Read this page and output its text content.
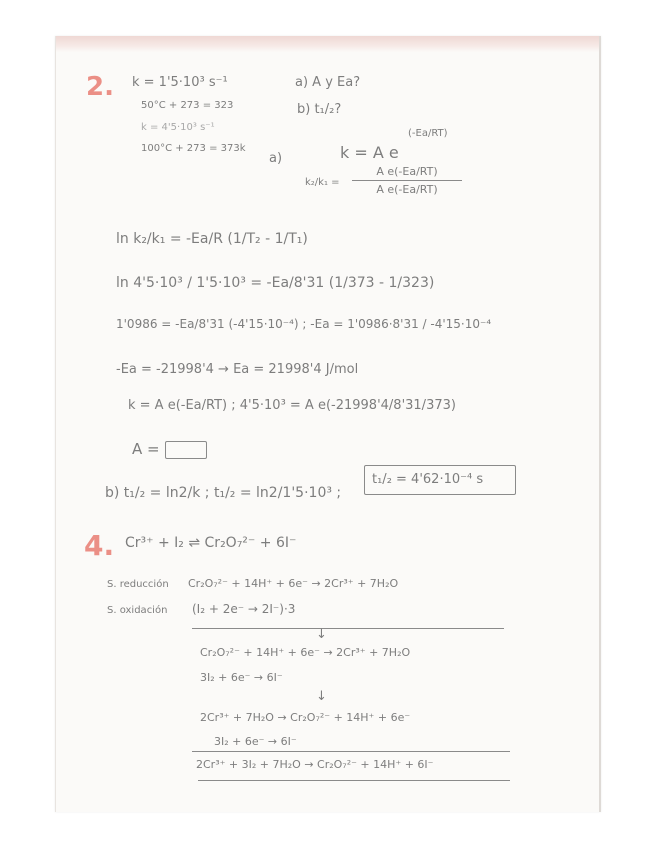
2. k = 1'5·10³ s⁻¹
50°C + 273 = 323
k = 4'5·10³ s⁻¹
100°C + 273 = 373k
a) A y Ea?
b) t₁/₂?
a)	k = A e
(-Ea/RT)
k₂/k₁ =
A e(-Ea/RT)
A e(-Ea/RT)
ln k₂/k₁ = -Ea/R (1/T₂ - 1/T₁)
ln 4'5·10³ / 1'5·10³ = -Ea/8'31 (1/373 - 1/323)
1'0986 = -Ea/8'31 (-4'15·10⁻⁴) ; -Ea = 1'0986·8'31 / -4'15·10⁻⁴
-Ea = -21998'4 → Ea = 21998'4 J/mol
k = A e(-Ea/RT) ; 4'5·10³ = A e(-21998'4/8'31/373)
A =
b) t₁/₂ = ln2/k ; t₁/₂ = ln2/1'5·10³ ;
t₁/₂ = 4'62·10⁻⁴ s
4. Cr³⁺ + I₂ ⇌ Cr₂O₇²⁻ + 6I⁻
S. reducción Cr₂O₇²⁻ + 14H⁺ + 6e⁻ → 2Cr³⁺ + 7H₂O
S. oxidación (I₂ + 2e⁻ → 2I⁻)·3
↓
Cr₂O₇²⁻ + 14H⁺ + 6e⁻ → 2Cr³⁺ + 7H₂O
3I₂ + 6e⁻ → 6I⁻
↓
2Cr³⁺ + 7H₂O → Cr₂O₇²⁻ + 14H⁺ + 6e⁻
3I₂ + 6e⁻ → 6I⁻
2Cr³⁺ + 3I₂ + 7H₂O → Cr₂O₇²⁻ + 14H⁺ + 6I⁻
